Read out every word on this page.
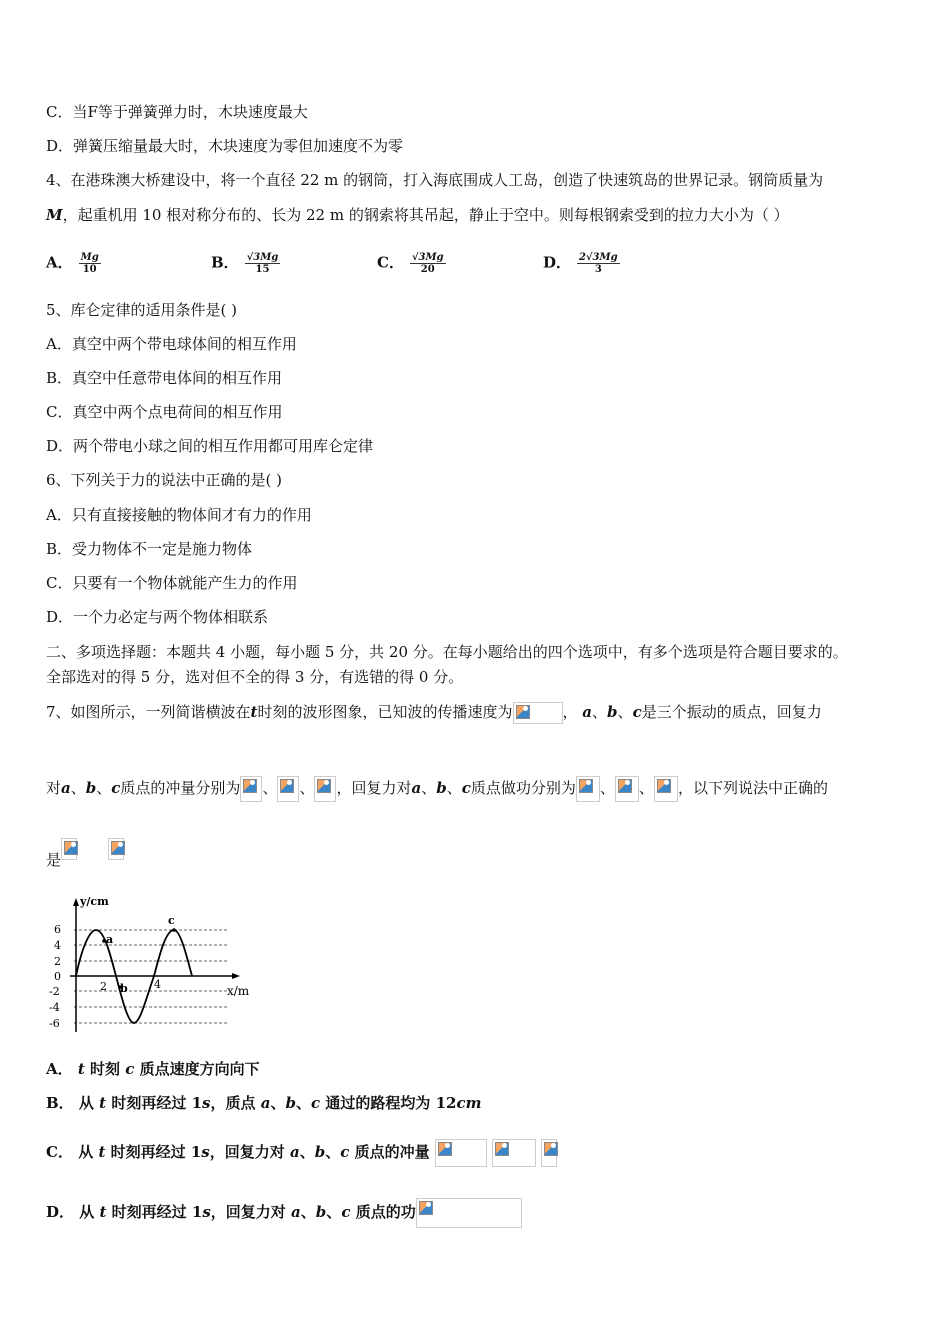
C．当F等于弹簧弹力时，木块速度最大
D．弹簧压缩量最大时，木块速度为零但加速度不为零
4、在港珠澳大桥建设中，将一个直径 22 m 的钢筒，打入海底围成人工岛，创造了快速筑岛的世界记录。钢筒质量为
M，起重机用 10 根对称分布的、长为 22 m 的钢索将其吊起，静止于空中。则每根钢索受到的拉力大小为（ ）
A． $\frac{Mg}{10}$	B． $\frac{√3Mg}{15}$	C． $\frac{√3Mg}{20}$	D． $\frac{2√3Mg}{3}$
5、库仑定律的适用条件是( )
A．真空中两个带电球体间的相互作用
B．真空中任意带电体间的相互作用
C．真空中两个点电荷间的相互作用
D．两个带电小球之间的相互作用都可用库仑定律
6、下列关于力的说法中正确的是( )
A．只有直接接触的物体间才有力的作用
B．受力物体不一定是施力物体
C．只要有一个物体就能产生力的作用
D．一个力必定与两个物体相联系
二、多项选择题：本题共 4 小题，每小题 5 分，共 20 分。在每小题给出的四个选项中，有多个选项是符合题目要求的。
全部选对的得 5 分，选对但不全的得 3 分，有选错的得 0 分。
7、如图所示，一列简谐横波在t时刻的波形图象，已知波的传播速度为	， a、b、c是三个振动的质点，回复力
对a、b、c质点的冲量分别为 、 、 ，回复力对a、b、c质点做功分别为 、 、 ，以下列说法中正确的
是
y/cm
x/m
6
4
2
0
-2
-4
-6
2	4
a
b
c
A． t 时刻 c 质点速度方向向下
B． 从 t 时刻再经过 1s，质点 a、b、c 通过的路程均为 12cm
C． 从 t 时刻再经过 1s，回复力对 a、b、c 质点的冲量
D． 从 t 时刻再经过 1s，回复力对 a、b、c 质点的功
